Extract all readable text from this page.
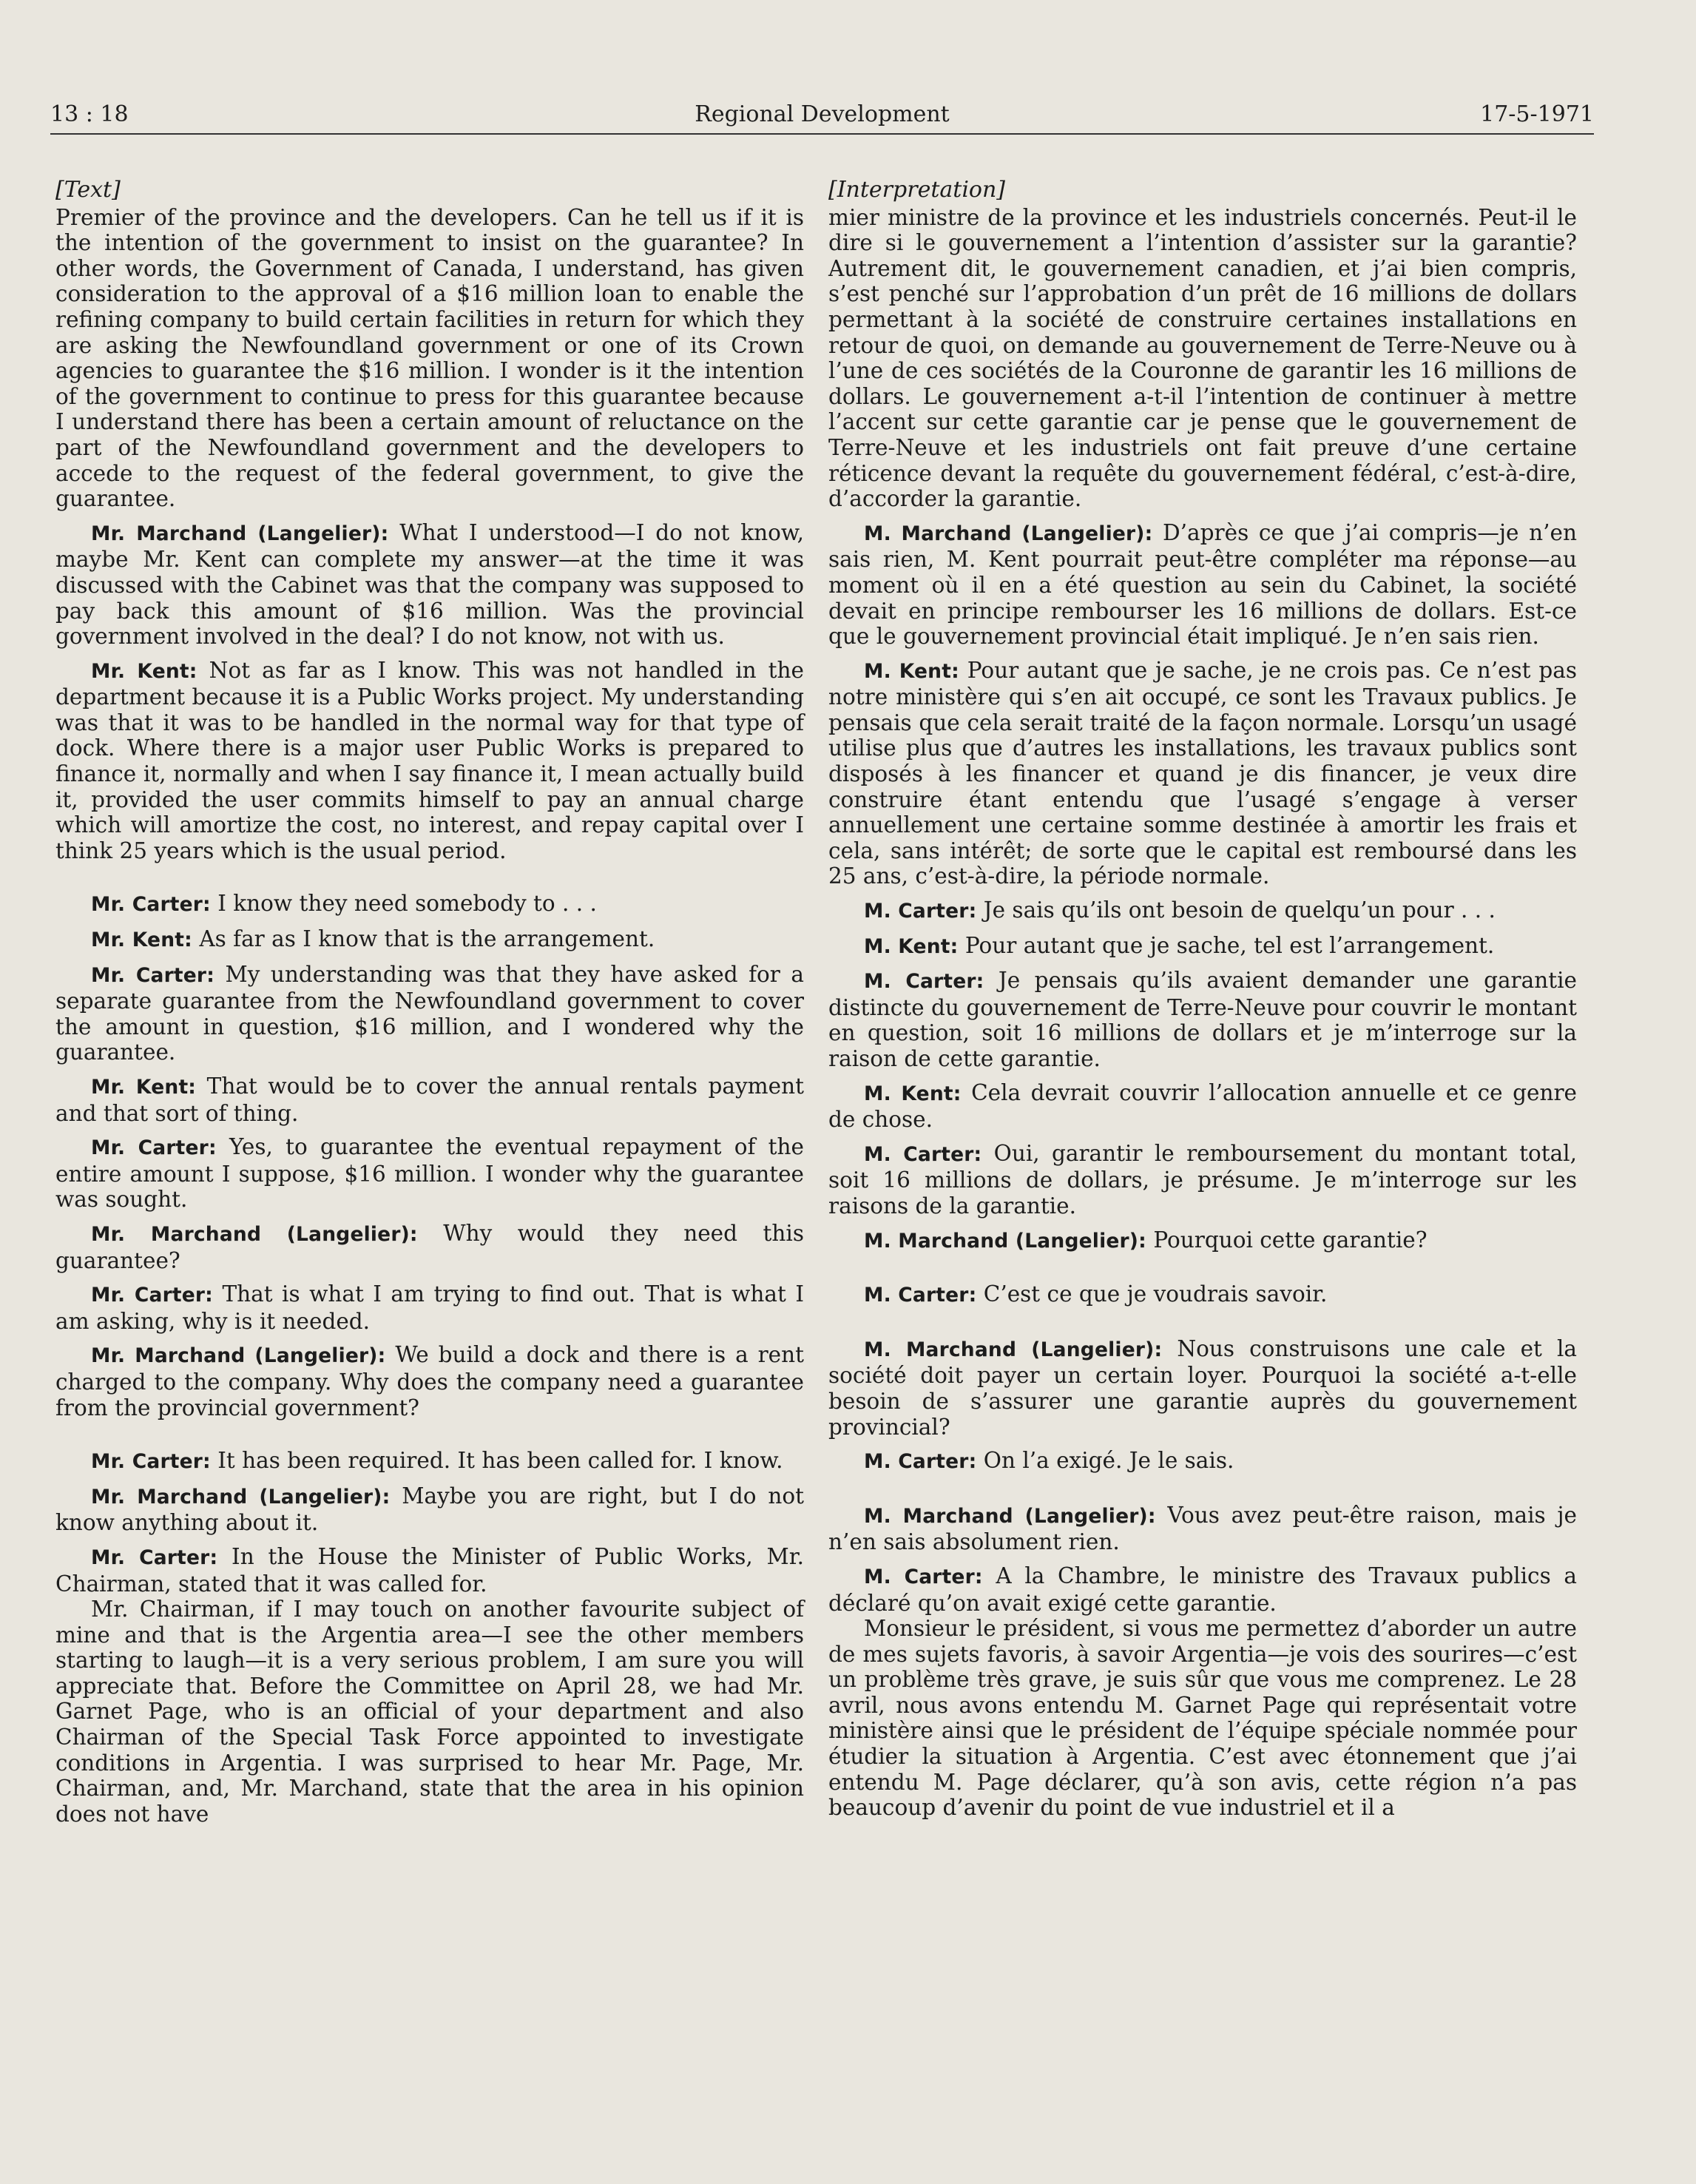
13 : 18	Regional Development	17-5-1971

[Text]

Premier of the province and the developers. Can he tell us if it is the intention of the government to insist on the guarantee? In other words, the Government of Canada, I understand, has given consideration to the approval of a $16 million loan to enable the refining company to build certain facilities in return for which they are asking the Newfoundland government or one of its Crown agencies to guarantee the $16 million. I wonder is it the intention of the government to continue to press for this guarantee because I understand there has been a certain amount of reluctance on the part of the Newfoundland government and the developers to accede to the request of the federal government, to give the guarantee.

Mr. Marchand (Langelier): What I understood—I do not know, maybe Mr. Kent can complete my answer—at the time it was discussed with the Cabinet was that the company was supposed to pay back this amount of $16 million. Was the provincial government involved in the deal? I do not know, not with us.

Mr. Kent: Not as far as I know. This was not handled in the department because it is a Public Works project. My understanding was that it was to be handled in the normal way for that type of dock. Where there is a major user Public Works is prepared to finance it, normally and when I say finance it, I mean actually build it, provided the user commits himself to pay an annual charge which will amortize the cost, no interest, and repay capital over I think 25 years which is the usual period.

Mr. Carter: I know they need somebody to . . .

Mr. Kent: As far as I know that is the arrangement.

Mr. Carter: My understanding was that they have asked for a separate guarantee from the Newfoundland government to cover the amount in question, $16 million, and I wondered why the guarantee.

Mr. Kent: That would be to cover the annual rentals payment and that sort of thing.

Mr. Carter: Yes, to guarantee the eventual repayment of the entire amount I suppose, $16 million. I wonder why the guarantee was sought.

Mr. Marchand (Langelier): Why would they need this guarantee?

Mr. Carter: That is what I am trying to find out. That is what I am asking, why is it needed.

Mr. Marchand (Langelier): We build a dock and there is a rent charged to the company. Why does the company need a guarantee from the provincial government?

Mr. Carter: It has been required. It has been called for. I know.

Mr. Marchand (Langelier): Maybe you are right, but I do not know anything about it.

Mr. Carter: In the House the Minister of Public Works, Mr. Chairman, stated that it was called for.

Mr. Chairman, if I may touch on another favourite subject of mine and that is the Argentia area—I see the other members starting to laugh—it is a very serious problem, I am sure you will appreciate that. Before the Committee on April 28, we had Mr. Garnet Page, who is an official of your department and also Chairman of the Special Task Force appointed to investigate conditions in Argentia. I was surprised to hear Mr. Page, Mr. Chairman, and, Mr. Marchand, state that the area in his opinion does not have

[Interpretation]

mier ministre de la province et les industriels concernés. Peut-il le dire si le gouvernement a l’intention d’assister sur la garantie? Autrement dit, le gouvernement canadien, et j’ai bien compris, s’est penché sur l’approbation d’un prêt de 16 millions de dollars permettant à la société de construire certaines installations en retour de quoi, on demande au gouvernement de Terre-Neuve ou à l’une de ces sociétés de la Couronne de garantir les 16 millions de dollars. Le gouvernement a-t-il l’intention de continuer à mettre l’accent sur cette garantie car je pense que le gouvernement de Terre-Neuve et les industriels ont fait preuve d’une certaine réticence devant la requête du gouvernement fédéral, c’est-à-dire, d’accorder la garantie.

M. Marchand (Langelier): D’après ce que j’ai compris—je n’en sais rien, M. Kent pourrait peut-être compléter ma réponse—au moment où il en a été question au sein du Cabinet, la société devait en principe rembourser les 16 millions de dollars. Est-ce que le gouvernement provincial était impliqué. Je n’en sais rien.

M. Kent: Pour autant que je sache, je ne crois pas. Ce n’est pas notre ministère qui s’en ait occupé, ce sont les Travaux publics. Je pensais que cela serait traité de la façon normale. Lorsqu’un usagé utilise plus que d’autres les installations, les travaux publics sont disposés à les financer et quand je dis financer, je veux dire construire étant entendu que l’usagé s’engage à verser annuellement une certaine somme destinée à amortir les frais et cela, sans intérêt; de sorte que le capital est remboursé dans les 25 ans, c’est-à-dire, la période normale.

M. Carter: Je sais qu’ils ont besoin de quelqu’un pour . . .

M. Kent: Pour autant que je sache, tel est l’arrangement.

M. Carter: Je pensais qu’ils avaient demander une garantie distincte du gouvernement de Terre-Neuve pour couvrir le montant en question, soit 16 millions de dollars et je m’interroge sur la raison de cette garantie.

M. Kent: Cela devrait couvrir l’allocation annuelle et ce genre de chose.

M. Carter: Oui, garantir le remboursement du montant total, soit 16 millions de dollars, je présume. Je m’interroge sur les raisons de la garantie.

M. Marchand (Langelier): Pourquoi cette garantie?

M. Carter: C’est ce que je voudrais savoir.

M. Marchand (Langelier): Nous construisons une cale et la société doit payer un certain loyer. Pourquoi la société a-t-elle besoin de s’assurer une garantie auprès du gouvernement provincial?

M. Carter: On l’a exigé. Je le sais.

M. Marchand (Langelier): Vous avez peut-être raison, mais je n’en sais absolument rien.

M. Carter: A la Chambre, le ministre des Travaux publics a déclaré qu’on avait exigé cette garantie.

Monsieur le président, si vous me permettez d’aborder un autre de mes sujets favoris, à savoir Argentia—je vois des sourires—c’est un problème très grave, je suis sûr que vous me comprenez. Le 28 avril, nous avons entendu M. Garnet Page qui représentait votre ministère ainsi que le président de l’équipe spéciale nommée pour étudier la situation à Argentia. C’est avec étonnement que j’ai entendu M. Page déclarer, qu’à son avis, cette région n’a pas beaucoup d’avenir du point de vue industriel et il a
